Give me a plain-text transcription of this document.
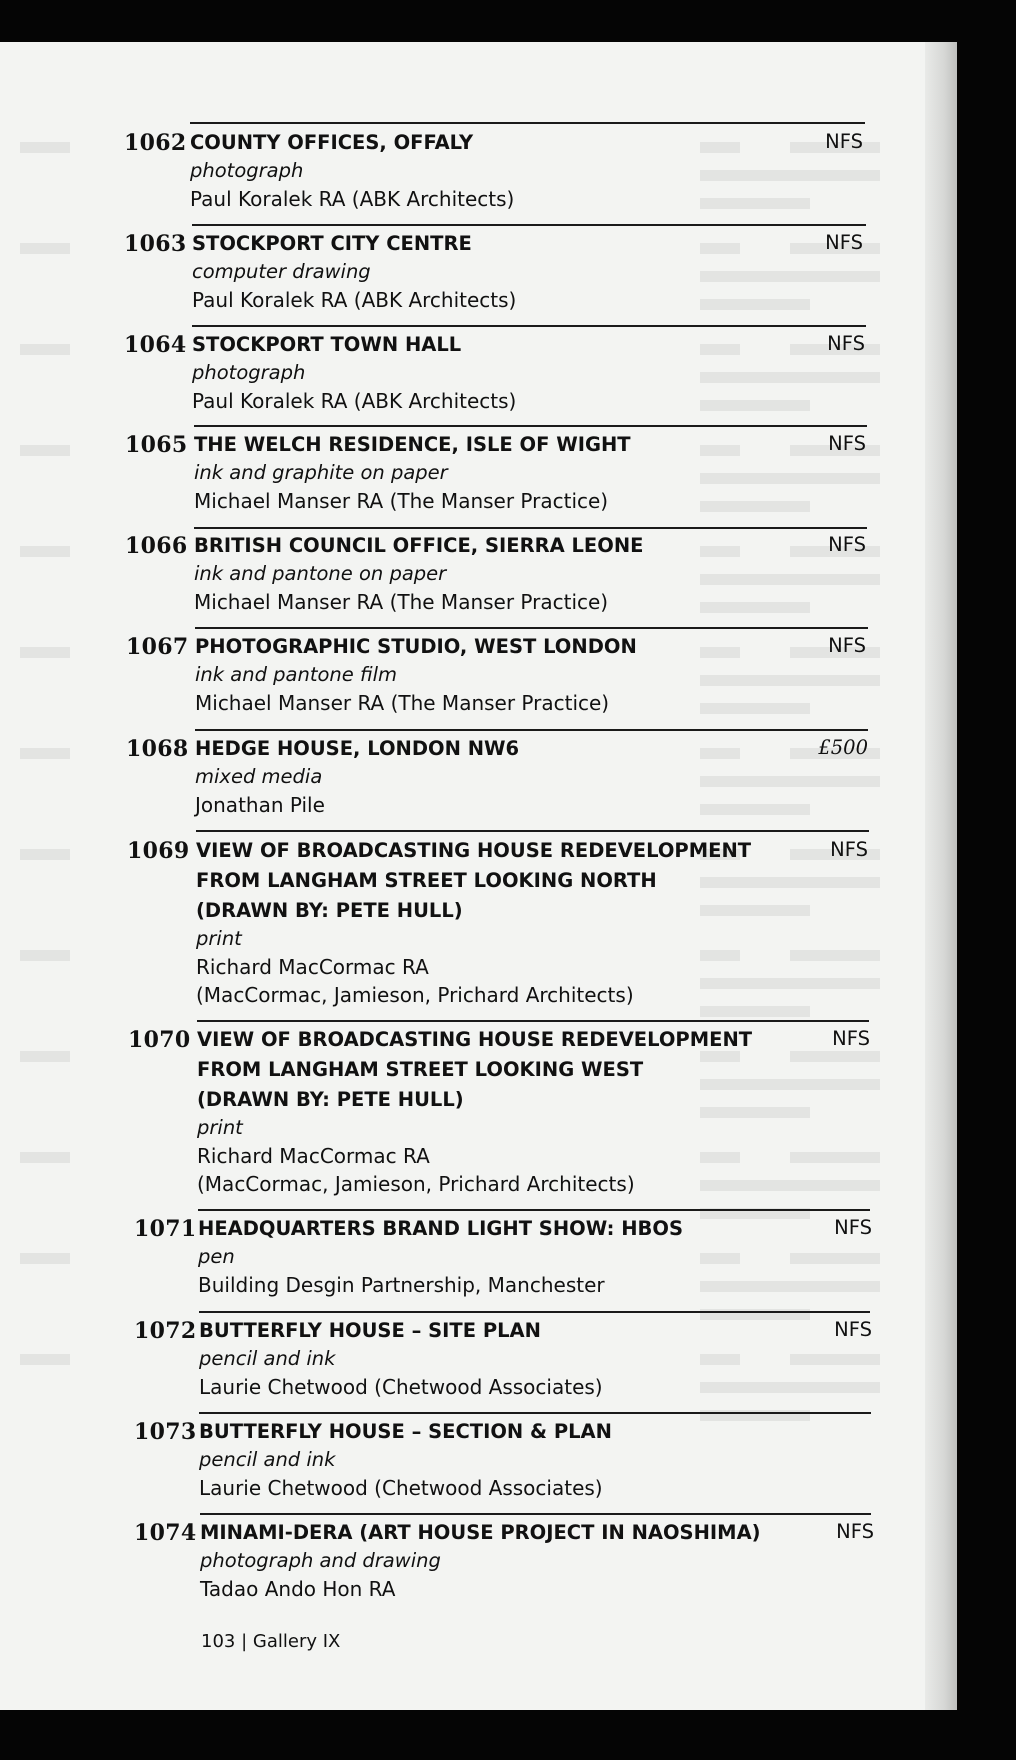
1062 COUNTY OFFICES, OFFALY
photograph
Paul Koralek RA (ABK Architects)
NFS
1063 STOCKPORT CITY CENTRE
computer drawing
Paul Koralek RA (ABK Architects)
NFS
1064 STOCKPORT TOWN HALL
photograph
Paul Koralek RA (ABK Architects)
NFS
1065 THE WELCH RESIDENCE, ISLE OF WIGHT
ink and graphite on paper
Michael Manser RA (The Manser Practice)
NFS
1066 BRITISH COUNCIL OFFICE, SIERRA LEONE
ink and pantone on paper
Michael Manser RA (The Manser Practice)
NFS
1067 PHOTOGRAPHIC STUDIO, WEST LONDON
ink and pantone film
Michael Manser RA (The Manser Practice)
NFS
1068 HEDGE HOUSE, LONDON NW6
mixed media
Jonathan Pile
£500
1069 VIEW OF BROADCASTING HOUSE REDEVELOPMENT
FROM LANGHAM STREET LOOKING NORTH
(DRAWN BY: PETE HULL)
print
Richard MacCormac RA
(MacCormac, Jamieson, Prichard Architects)
NFS
1070 VIEW OF BROADCASTING HOUSE REDEVELOPMENT
FROM LANGHAM STREET LOOKING WEST
(DRAWN BY: PETE HULL)
print
Richard MacCormac RA
(MacCormac, Jamieson, Prichard Architects)
NFS
1071 HEADQUARTERS BRAND LIGHT SHOW: HBOS
pen
Building Desgin Partnership, Manchester
NFS
1072 BUTTERFLY HOUSE – SITE PLAN
pencil and ink
Laurie Chetwood (Chetwood Associates)
NFS
1073 BUTTERFLY HOUSE – SECTION & PLAN
pencil and ink
Laurie Chetwood (Chetwood Associates)
1074 MINAMI-DERA (ART HOUSE PROJECT IN NAOSHIMA)
photograph and drawing
Tadao Ando Hon RA
NFS
103 | Gallery IX
